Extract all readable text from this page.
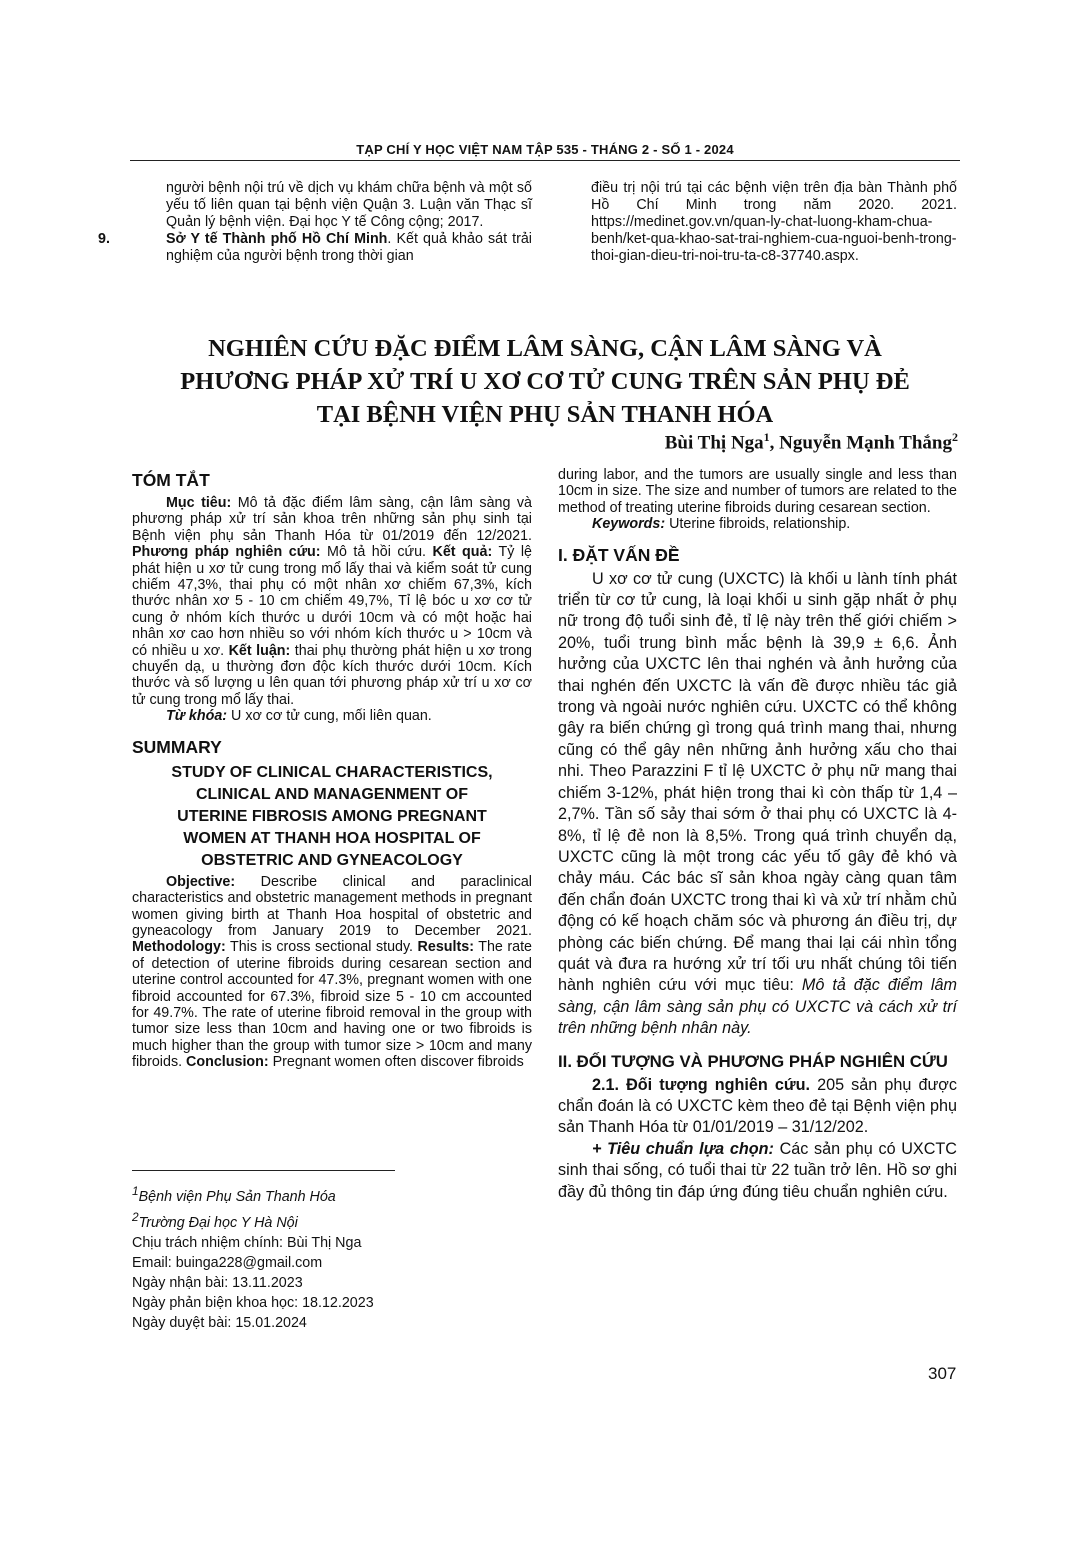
TẠP CHÍ Y HỌC VIỆT NAM TẬP 535 - THÁNG 2 - SỐ 1 - 2024

người bệnh nội trú về dịch vụ khám chữa bệnh và một số yếu tố liên quan tại bệnh viện Quận 3. Luận văn Thạc sĩ Quản lý bệnh viện. Đại học Y tế Công cộng; 2017.

9.	Sở Y tế Thành phố Hồ Chí Minh. Kết quả khảo sát trải nghiệm của người bệnh trong thời gian

điều trị nội trú tại các bệnh viện trên địa bàn Thành phố Hồ Chí Minh trong năm 2020. 2021. https://medinet.gov.vn/quan-ly-chat-luong-kham-chua-benh/ket-qua-khao-sat-trai-nghiem-cua-nguoi-benh-trong-thoi-gian-dieu-tri-noi-tru-ta-c8-37740.aspx.

NGHIÊN CỨU ĐẶC ĐIỂM LÂM SÀNG, CẬN LÂM SÀNG VÀ
PHƯƠNG PHÁP XỬ TRÍ U XƠ CƠ TỬ CUNG TRÊN SẢN PHỤ ĐẺ
TẠI BỆNH VIỆN PHỤ SẢN THANH HÓA
Bùi Thị Nga$^1$, Nguyễn Mạnh Thắng$^2$
TÓM TẮT

Mục tiêu: Mô tả đặc điểm lâm sàng, cận lâm sàng và phương pháp xử trí sản khoa trên những sản phụ sinh tại Bệnh viện phụ sản Thanh Hóa từ 01/2019 đến 12/2021. Phương pháp nghiên cứu: Mô tả hồi cứu. Kết quả: Tỷ lệ phát hiện u xơ tử cung trong mổ lấy thai và kiểm soát tử cung chiếm 47,3%, thai phụ có một nhân xơ chiếm 67,3%, kích thước nhân xơ 5 - 10 cm chiếm 49,7%, Tỉ lệ bóc u xơ cơ tử cung ở nhóm kích thước u dưới 10cm và có một hoặc hai nhân xơ cao hơn nhiều so với nhóm kích thước u > 10cm và có nhiều u xơ. Kết luận: thai phụ thường phát hiện u xơ trong chuyển dạ, u thường đơn độc kích thước dưới 10cm. Kích thước và số lượng u lên quan tới phương pháp xử trí u xơ cơ tử cung trong mổ lấy thai.

Từ khóa: U xơ cơ tử cung, mối liên quan.

SUMMARY

STUDY OF CLINICAL CHARACTERISTICS,

CLINICAL AND MANAGENMENT OF

UTERINE FIBROSIS AMONG PREGNANT

WOMEN AT THANH HOA HOSPITAL OF

OBSTETRIC AND GYNEACOLOGY

Objective: Describe clinical and paraclinical characteristics and obstetric management methods in pregnant women giving birth at Thanh Hoa hospital of obstetric and gyneacology from January 2019 to December 2021. Methodology: This is cross sectional study. Results: The rate of detection of uterine fibroids during cesarean section and uterine control accounted for 47.3%, pregnant women with one fibroid accounted for 67.3%, fibroid size 5 - 10 cm accounted for 49.7%. The rate of uterine fibroid removal in the group with tumor size less than 10cm and having one or two fibroids is much higher than the group with tumor size > 10cm and many fibroids. Conclusion: Pregnant women often discover fibroids

$^1$Bệnh viện Phụ Sản Thanh Hóa

$^2$Trường Đại học Y Hà Nội

Chịu trách nhiệm chính: Bùi Thị Nga

Email: buinga228@gmail.com

Ngày nhận bài: 13.11.2023

Ngày phản biện khoa học: 18.12.2023

Ngày duyệt bài: 15.01.2024

during labor, and the tumors are usually single and less than 10cm in size. The size and number of tumors are related to the method of treating uterine fibroids during cesarean section.

Keywords: Uterine fibroids, relationship.

I. ĐẶT VẤN ĐỀ

U xơ cơ tử cung (UXCTC) là khối u lành tính phát triển từ cơ tử cung, là loại khối u sinh gặp nhất ở phụ nữ trong độ tuổi sinh đẻ, tỉ lệ này trên thế giới chiếm > 20%, tuổi trung bình mắc bệnh là 39,9 ± 6,6. Ảnh hưởng của UXCTC lên thai nghén và ảnh hưởng của thai nghén đến UXCTC là vấn đề được nhiều tác giả trong và ngoài nước nghiên cứu. UXCTC có thể không gây ra biến chứng gì trong quá trình mang thai, nhưng cũng có thể gây nên những ảnh hưởng xấu cho thai nhi. Theo Parazzini F tỉ lệ UXCTC ở phụ nữ mang thai chiếm 3-12%, phát hiện trong thai kì còn thấp từ 1,4 – 2,7%. Tần số sảy thai sớm ở thai phụ có UXCTC là 4-8%, tỉ lệ đẻ non là 8,5%. Trong quá trình chuyển dạ, UXCTC cũng là một trong các yếu tố gây đẻ khó và chảy máu. Các bác sĩ sản khoa ngày càng quan tâm đến chẩn đoán UXCTC trong thai kì và xử trí nhằm chủ động có kế hoạch chăm sóc và phương án điều trị, dự phòng các biến chứng. Để mang thai lại cái nhìn tổng quát và đưa ra hướng xử trí tối ưu nhất chúng tôi tiến hành nghiên cứu với mục tiêu: Mô tả đặc điểm lâm sàng, cận lâm sàng sản phụ có UXCTC và cách xử trí trên những bệnh nhân này.

II. ĐỐI TƯỢNG VÀ PHƯƠNG PHÁP NGHIÊN CỨU

2.1. Đối tượng nghiên cứu. 205 sản phụ được chẩn đoán là có UXCTC kèm theo đẻ tại Bệnh viện phụ sản Thanh Hóa từ 01/01/2019 – 31/12/202.

+ Tiêu chuẩn lựa chọn: Các sản phụ có UXCTC sinh thai sống, có tuổi thai từ 22 tuần trở lên. Hồ sơ ghi đầy đủ thông tin đáp ứng đúng tiêu chuẩn nghiên cứu.

307
